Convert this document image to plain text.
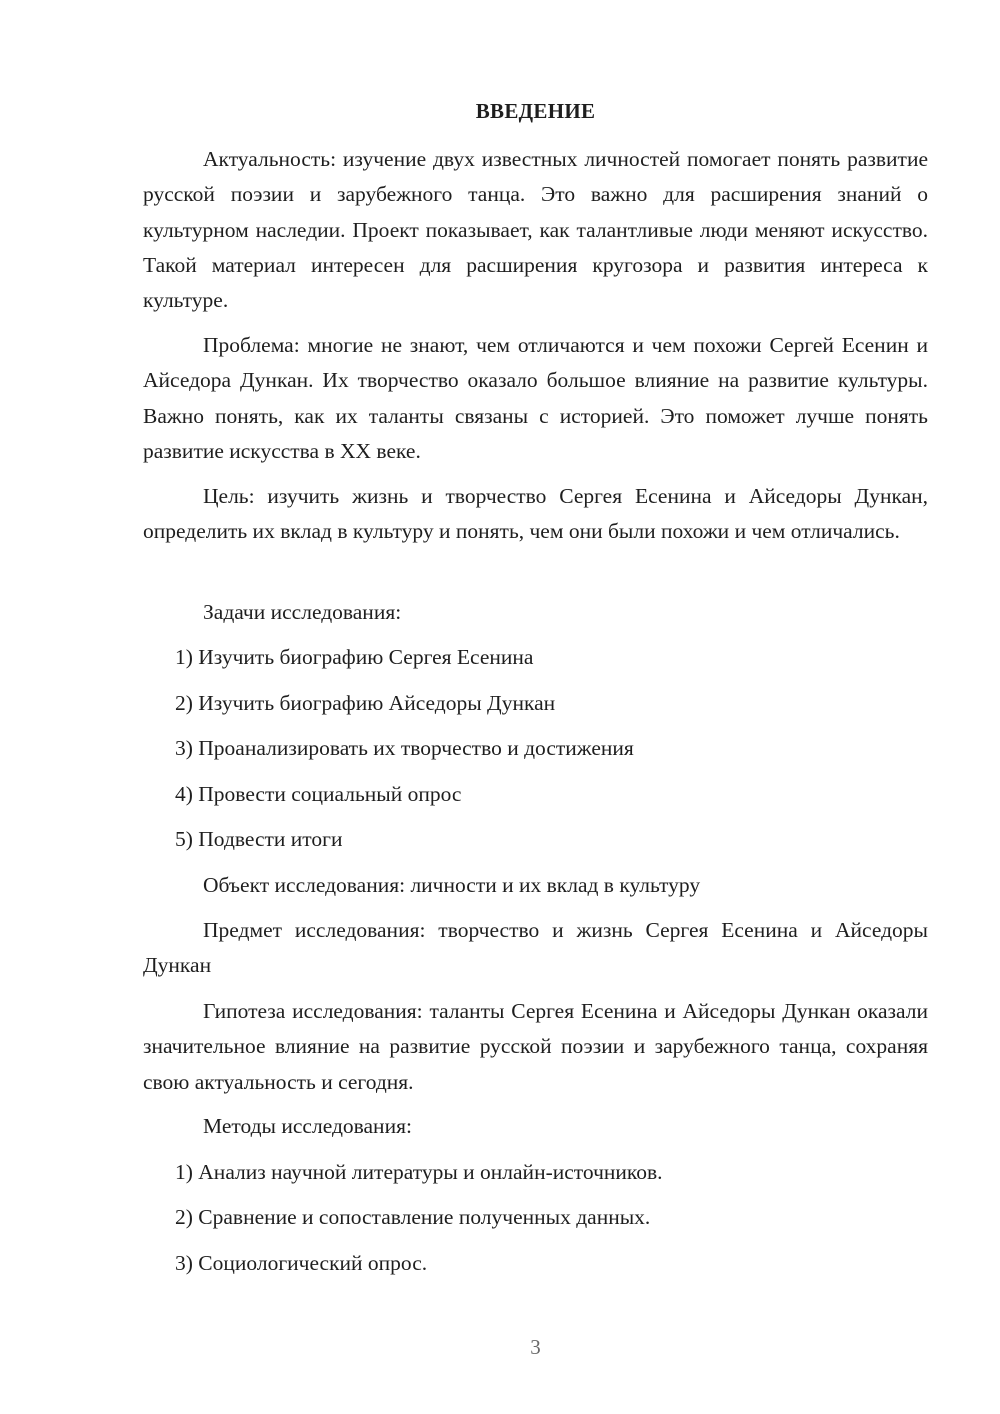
ВВЕДЕНИЕ

Актуальность: изучение двух известных личностей помогает понять развитие русской поэзии и зарубежного танца. Это важно для расширения знаний о культурном наследии. Проект показывает, как талантливые люди меняют искусство. Такой материал интересен для расширения кругозора и развития интереса к культуре.

Проблема: многие не знают, чем отличаются и чем похожи Сергей Есенин и Айседора Дункан. Их творчество оказало большое влияние на развитие культуры. Важно понять, как их таланты связаны с историей. Это поможет лучше понять развитие искусства в XX веке.

Цель: изучить жизнь и творчество Сергея Есенина и Айседоры Дункан, определить их вклад в культуру и понять, чем они были похожи и чем отличались.

Задачи исследования:

1) Изучить биографию Сергея Есенина

2) Изучить биографию Айседоры Дункан

3) Проанализировать их творчество и достижения

4) Провести социальный опрос

5) Подвести итоги

Объект исследования: личности и их вклад в культуру

Предмет исследования: творчество и жизнь Сергея Есенина и Айседоры Дункан

Гипотеза исследования: таланты Сергея Есенина и Айседоры Дункан оказали значительное влияние на развитие русской поэзии и зарубежного танца, сохраняя свою актуальность и сегодня.

Методы исследования:

1) Анализ научной литературы и онлайн-источников.

2) Сравнение и сопоставление полученных данных.

3) Социологический опрос.

3
